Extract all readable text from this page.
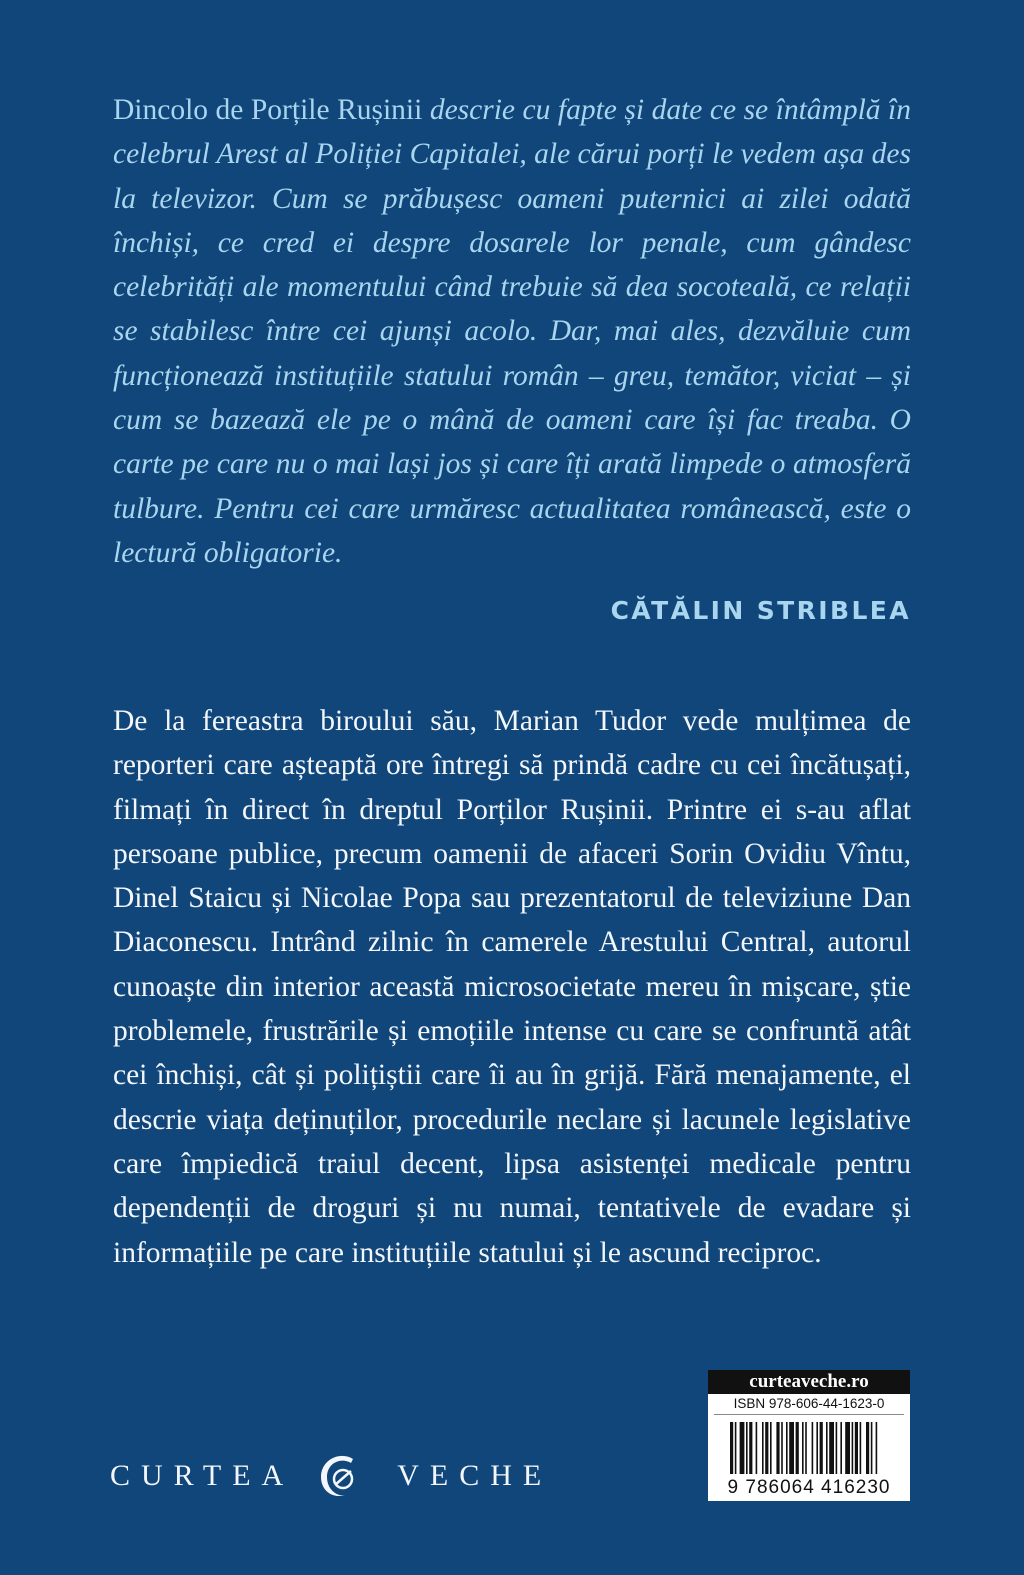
Dincolo de Porțile Rușinii descrie cu fapte și date ce se întâmplă în celebrul Arest al Poliției Capitalei, ale cărui porți le vedem așa des la televizor. Cum se prăbușesc oameni puternici ai zilei odată închiși, ce cred ei despre dosarele lor penale, cum gândesc celebrități ale momentului când trebuie să dea socoteală, ce relații se stabilesc între cei ajunși acolo. Dar, mai ales, dezvăluie cum funcționează instituțiile statului român – greu, temător, viciat – și cum se bazează ele pe o mână de oameni care își fac treaba. O carte pe care nu o mai lași jos și care îți arată limpede o atmosferă tulbure. Pentru cei care urmăresc actualitatea românească, este o lectură obligatorie.

CĂTĂLIN STRIBLEA

De la fereastra biroului său, Marian Tudor vede mulțimea de reporteri care așteaptă ore întregi să prindă cadre cu cei încătușați, filmați în direct în dreptul Porților Rușinii. Printre ei s-au aflat persoane publice, precum oamenii de afaceri Sorin Ovidiu Vîntu, Dinel Staicu și Nicolae Popa sau prezentatorul de televiziune Dan Diaconescu. Intrând zilnic în camerele Arestului Central, autorul cunoaște din interior această microsocietate mereu în mișcare, știe problemele, frustrările și emoțiile intense cu care se confruntă atât cei închiși, cât și polițiștii care îi au în grijă. Fără menajamente, el descrie viața deținuților, procedurile neclare și lacunele legislative care împiedică traiul decent, lipsa asistenței medicale pentru dependenții de droguri și nu numai, tentativele de evadare și informațiile pe care instituțiile statului și le ascund reciproc.

CURTEA	VECHE
curteaveche.ro
ISBN 978-606-44-1623-0
9 786064 416230
